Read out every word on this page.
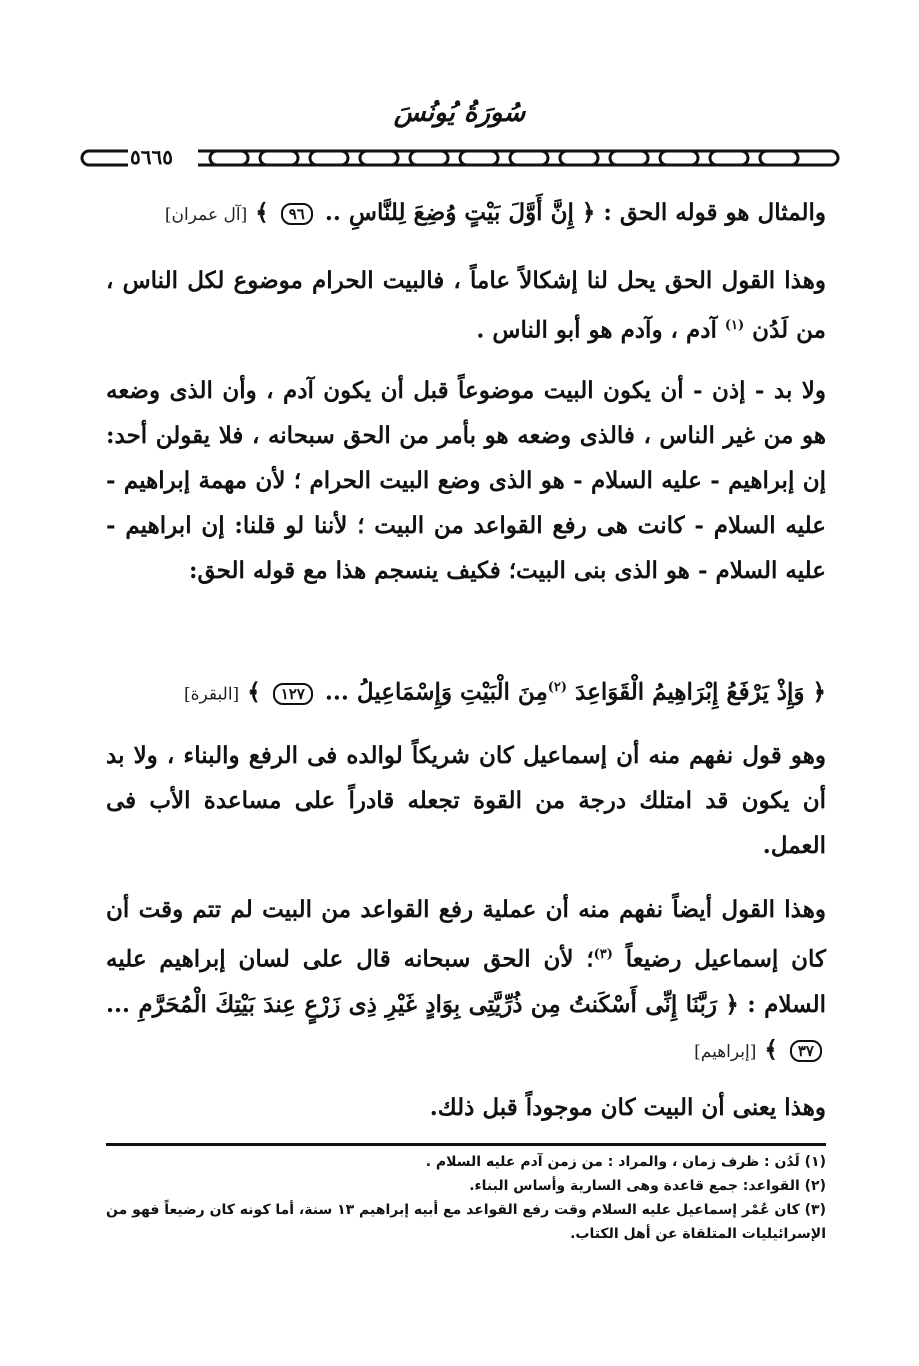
سُورَةُ يُونُسَ
٥٦٦٥

والمثال هو قوله الحق : ﴿ إِنَّ أَوَّلَ بَيْتٍ وُضِعَ لِلنَّاسِ .. ٩٦ ﴾ [آل عمران]

وهذا القول الحق يحل لنا إشكالاً عاماً ، فالبيت الحرام موضوع لكل الناس ، من لَدُن $^{(١)}$ آدم ، وآدم هو أبو الناس .

ولا بد - إذن - أن يكون البيت موضوعاً قبل أن يكون آدم ، وأن الذى وضعه هو من غير الناس ، فالذى وضعه هو بأمر من الحق سبحانه ، فلا يقولن أحد: إن إبراهيم - عليه السلام - هو الذى وضع البيت الحرام ؛ لأن مهمة إبراهيم - عليه السلام - كانت هى رفع القواعد من البيت ؛ لأننا لو قلنا: إن ابراهيم - عليه السلام - هو الذى بنى البيت؛ فكيف ينسجم هذا مع قوله الحق:

﴿ وَإِذْ يَرْفَعُ إِبْرَاهِيمُ الْقَوَاعِدَ $^{(٢)}$مِنَ الْبَيْتِ وَإِسْمَاعِيلُ ... ١٢٧ ﴾ [البقرة]

وهو قول نفهم منه أن إسماعيل كان شريكاً لوالده فى الرفع والبناء ، ولا بد أن يكون قد امتلك درجة من القوة تجعله قادراً على مساعدة الأب فى العمل.

وهذا القول أيضاً نفهم منه أن عملية رفع القواعد من البيت لم تتم وقت أن كان إسماعيل رضيعاً $^{(٣)}$؛ لأن الحق سبحانه قال على لسان إبراهيم عليه السلام : ﴿ رَبَّنَا إِنِّى أَسْكَنتُ مِن ذُرِّيَّتِى بِوَادٍ غَيْرِ ذِى زَرْعٍ عِندَ بَيْتِكَ الْمُحَرَّمِ ... ٣٧ ﴾ [إبراهيم]

وهذا يعنى أن البيت كان موجوداً قبل ذلك.

(١) لَدُن : ظرف زمان ، والمراد : من زمن آدم عليه السلام .

(٢) القواعد: جمع قاعدة وهى السارية وأساس البناء.

(٣) كان عُمْر إسماعيل عليه السلام وقت رفع القواعد مع أبيه إبراهيم ١٣ سنة، أما كونه كان رضيعاً فهو من الإسرائيليات المتلقاة عن أهل الكتاب.
